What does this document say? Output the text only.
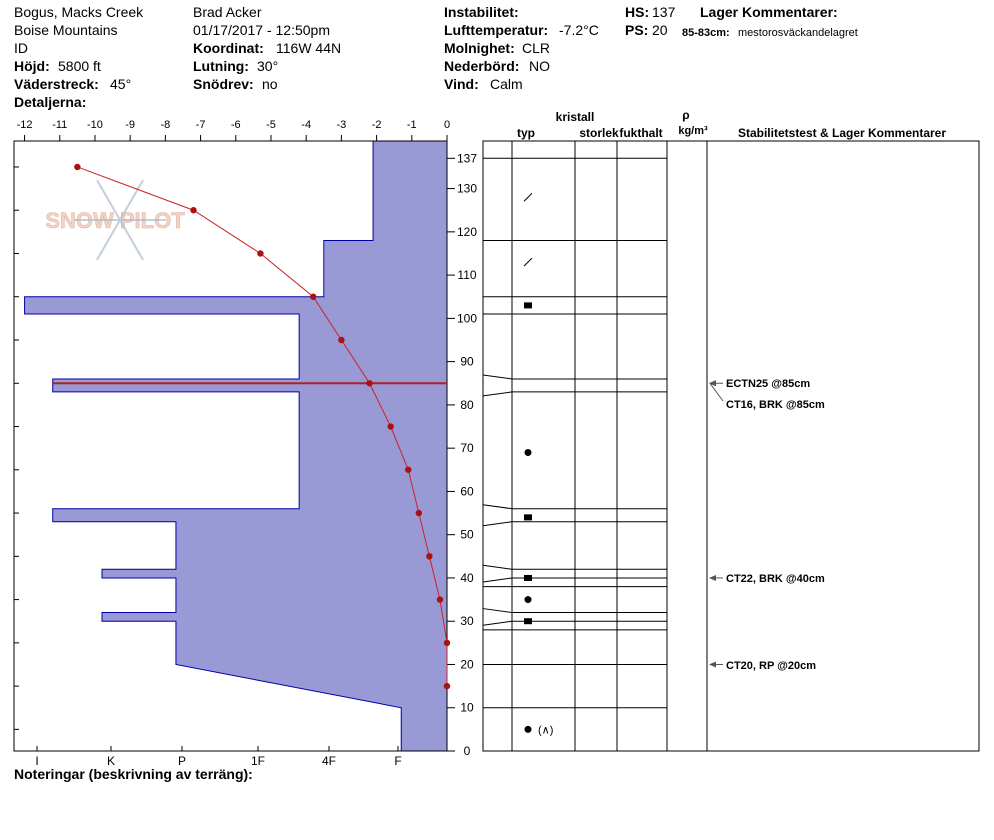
Bogus, Macks Creek
Boise Mountains
ID
Höjd: 5800 ft
Väderstreck: 45°
Detaljerna:
Brad Acker
01/17/2017 - 12:50pm
Koordinat: 116W 44N
Lutning: 30°
Snödrev: no
Instabilitet:
Lufttemperatur: -7.2°C
Molnighet: CLR
Nederbörd: NO
Vind: Calm
HS: 137
PS: 20
Lager Kommentarer:
85-83cm: mestorosväckandelagret
Noteringar (beskrivning av terräng):
SNOW PILOT
-12 -11 -10 -9 -8 -7 -6 -5 -4 -3 -2 -1 0
0
10
20
30
40
50
60
70
80
90
100
110
120
130
137
I	K	P	1F	4F	F
kristall
typ	storlek fukthalt
ρ
kg/m³	Stabilitetstest & Lager Kommentarer
(∧)
ECTN25 @85cm
CT16, BRK @85cm
CT22, BRK @40cm
CT20, RP @20cm
